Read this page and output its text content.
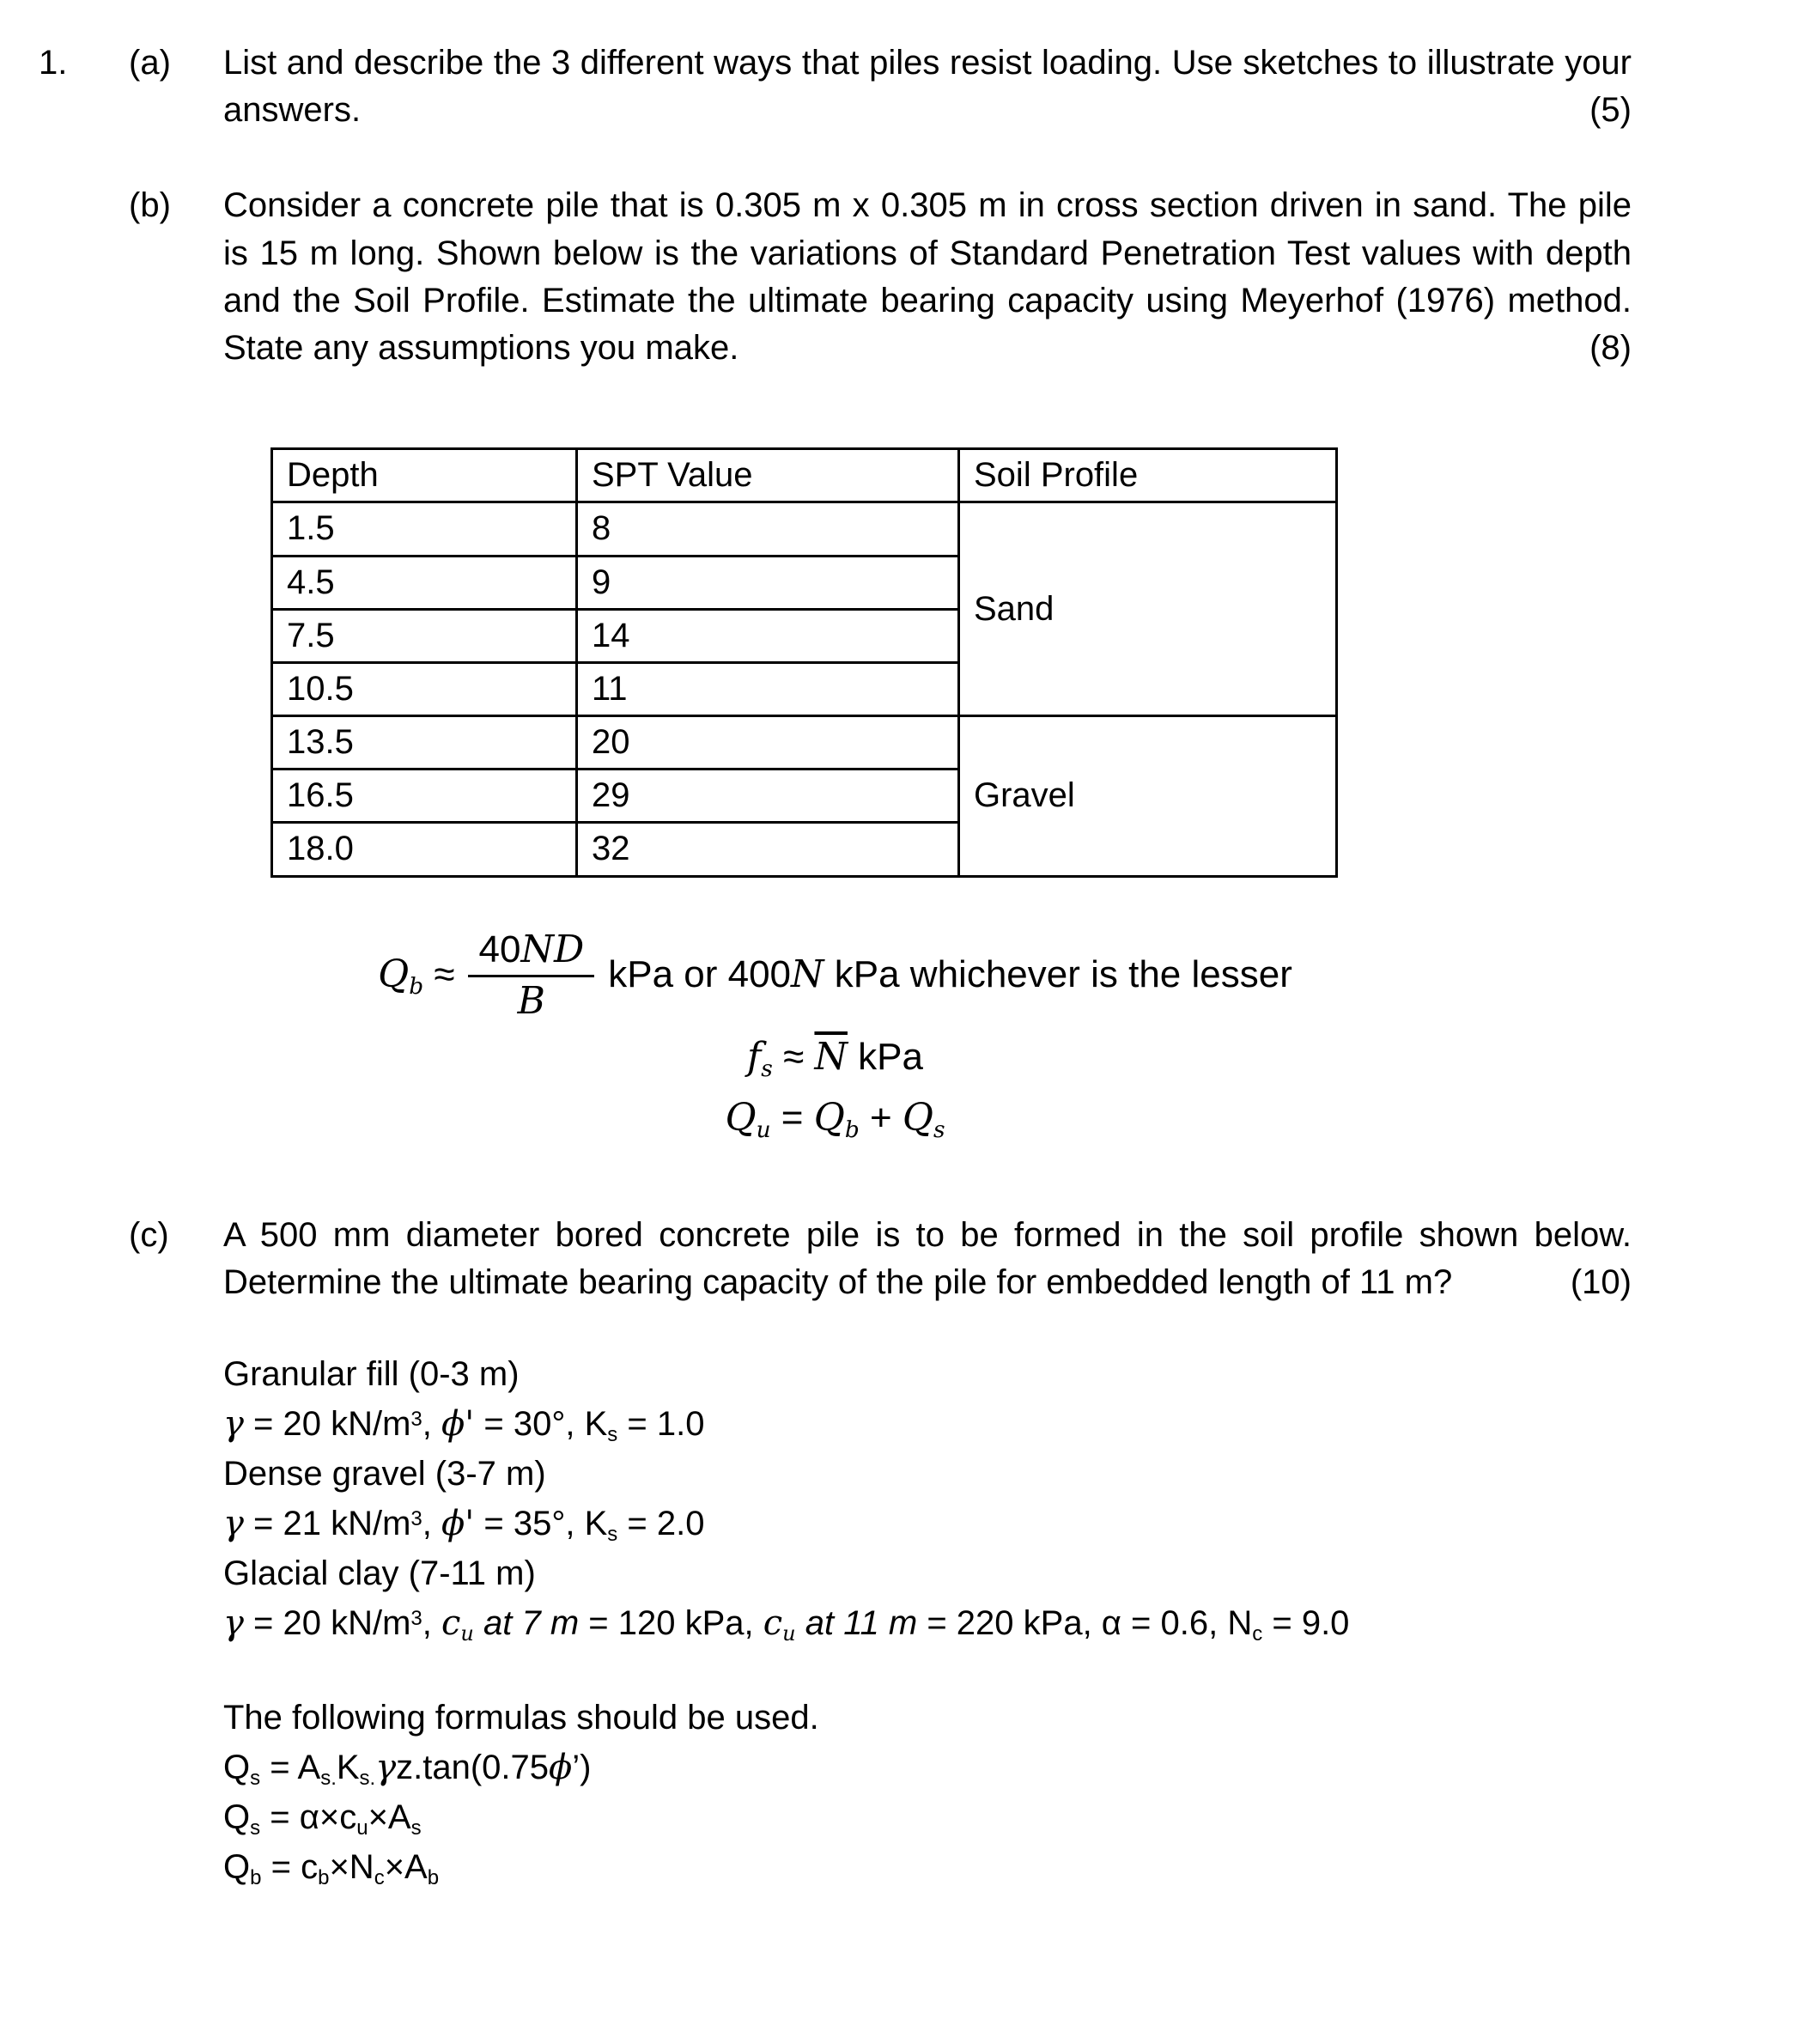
1.	(a)	List and describe the 3 different ways that piles resist loading. Use sketches to illustrate your answers.	(5)
(b)	Consider a concrete pile that is 0.305 m x 0.305 m in cross section driven in sand. The pile is 15 m long. Shown below is the variations of Standard Penetration Test values with depth and the Soil Profile. Estimate the ultimate bearing capacity using Meyerhof (1976) method. State any assumptions you make.	(8)
Depth	SPT Value	Soil Profile
1.5	8	Sand
4.5	9	
7.5	14	
10.5	11	
13.5	20	Gravel
16.5	29	
18.0	32	
$Q_b \approx \frac{40ND}{B}$ kPa or 400N kPa whichever is the lesser
$f_s \approx \overline{N}$ kPa
$Q_u = Q_b + Q_s$
(c)	A 500 mm diameter bored concrete pile is to be formed in the soil profile shown below. Determine the ultimate bearing capacity of the pile for embedded length of 11 m?	(10)
Granular fill (0-3 m)
γ = 20 $kN/m^3$, ϕ' = 30°, $K_s = 1.0$
Dense gravel (3-7 m)
γ = 21 $kN/m^3$, ϕ' = 35°, $K_s = 2.0$
Glacial clay (7-11 m)
γ = 20 $kN/m^3$, $c_u$ at 7 m = 120 kPa, $c_u$ at 11 m = 220 kPa, α = 0.6, $N_c = 9.0$
The following formulas should be used.
$Q_s$ = $A_{s.}K_{s.}\gamma z.\tan(0.75\phi’)$
$Q_s = \alpha\times c_u\times A_s$
$Q_b = c_b\times N_c\times A_b$
